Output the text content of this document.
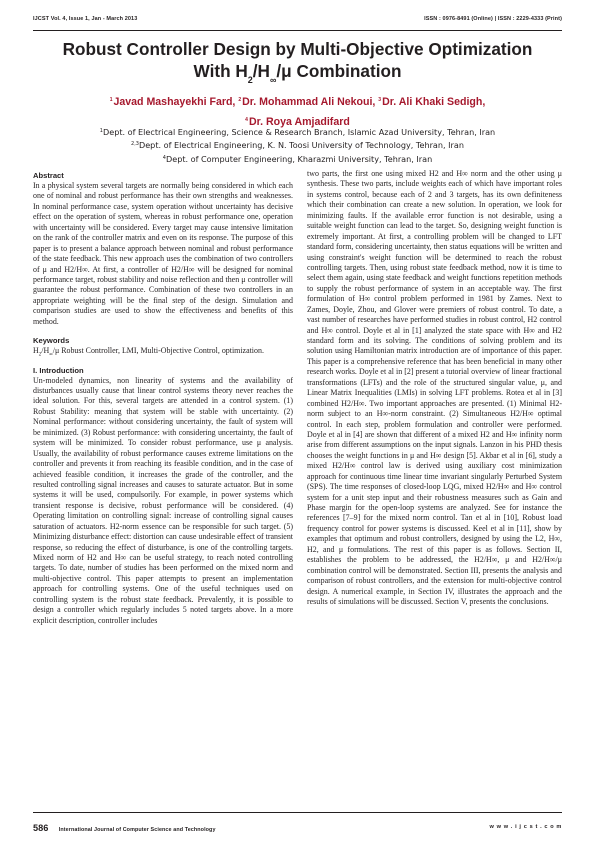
IJCST Vol. 4, Issue 1, Jan - March 2013	ISSN : 0976-8491 (Online) | ISSN : 2229-4333 (Print)
Robust Controller Design by Multi-Objective Optimization
With $H_2/H_\infty/\mu$ Combination
$^1$Javad Mashayekhi Fard, $^2$Dr. Mohammad Ali Nekoui, $^3$Dr. Ali Khaki Sedigh,
$^4$Dr. Roya Amjadifard
$^1$Dept. of Electrical Engineering, Science & Research Branch, Islamic Azad University, Tehran, Iran
$^{2,3}$Dept. of Electrical Engineering, K. N. Toosi University of Technology, Tehran, Iran
$^4$Dept. of Computer Engineering, Kharazmi University, Tehran, Iran

Abstract

In a physical system several targets are normally being considered in which each one of nominal and robust performance has their own strengths and weaknesses. In nominal performance case, system operation without uncertainty has decisive effect on the operation of system, whereas in robust performance one, operation with uncertainty will be considered. Every target may cause intensive limitation on the rank of the controller matrix and even on its response. The purpose of this paper is to present a balance approach between nominal and robust performance of the state feedback. This new approach uses the combination of two controllers of μ and H2/H∞. At first, a controller of H2/H∞ will be designed for nominal performance target, robust stability and noise reflection and then μ controller will guarantee the robust performance. Combination of these two controllers in an appropriate weighting will be the final step of the design. Simulation and comparison studies are used to show the effectiveness and benefits of this method.

Keywords

$H_2/H_\infty/\mu$ Robust Controller, LMI, Multi-Objective Control, optimization.

I. Introduction

Un-modeled dynamics, non linearity of systems and the availability of disturbances usually cause that linear control systems theory never reaches the ideal solution. For this, several targets are attended in a control system. (1) Robust Stability: meaning that system will be stable with uncertainty. (2) Nominal performance: without considering uncertainty, the fault of system will be minimized. (3) Robust performance: with considering uncertainty, the fault of system will be minimized. To consider robust performance, use μ analysis. Usually, the availability of robust performance causes extreme limitations on the controller and prevents it from reaching its feasible condition, and in the case of achieved feasible condition, it increases the grade of the controller, and the resulted controlling signal increases and causes to saturate actuator. But in some systems it will be used, compulsorily. For example, in power systems which transient response is decisive, robust performance will be considered. (4) Operating limitation on controlling signal: increase of controlling signal causes saturation of actuators. H2-norm essence can be responsible for such target. (5) Minimizing disturbance effect: distortion can cause undesirable effect of transient response, so reducing the effect of disturbance, is one of the controlling targets. Mixed norm of H2 and H∞ can be useful strategy, to reach noted controlling targets. To date, number of studies has been performed on the mixed norm and multi-objective control. This paper attempts to present an implementation approach for controlling systems. One of the useful techniques used on controlling system is the robust state feedback. Prevalently, it is possible to design a controller which regularly includes 5 noted targets above. In a more explicit description, controller includes

two parts, the first one using mixed H2 and H∞ norm and the other using μ synthesis. These two parts, include weights each of which have important roles in systems control, because each of 2 and 3 targets, has its own definiteness which their combination can create a new solution. In operation, we look for minimizing faults. If the available error function is not desirable, using a suitable weight function can lead to the target. So, designing weight function is extremely important. At first, a controlling problem will be changed to LFT standard form, considering uncertainty, then status equations will be written and using constraint's weight function will be determined to reach the robust controlling targets. Then, using robust state feedback method, now it is time to select them again, using state feedback and weight functions repetition methods to supply the robust performance of system in an acceptable way. The first formulation of H∞ control problem performed in 1981 by Zames. Next to Zames, Doyle, Zhou, and Glover were premiers of robust control. To date, a vast number of researches have performed studies in robust control, H2 control and H∞ control. Doyle et al in [1] analyzed the state space with H∞ and H2 standard form and its solving. The conditions of solving problem and its solution using Hamiltonian matrix introduction are of importance of this paper. This paper is a comprehensive reference that has been beneficial in many other research works. Doyle et al in [2] present a tutorial overview of linear fractional transformations (LFTs) and the role of the structured singular value, μ, and Linear Matrix Inequalities (LMIs) in solving LFT problems. Rotea et al in [3] combined H2/H∞. Two important approaches are presented. (1) Minimal H2-norm subject to an H∞-norm constraint. (2) Simultaneous H2/H∞ optimal control. In each step, problem formulation and controller were performed. Doyle et al in [4] are shown that different of a mixed H2 and H∞ infinity norm arise from different assumptions on the input signals. Lanzon in his PHD thesis chooses the weight functions in μ and H∞ design [5]. Akbar et al in [6], study a mixed H2/H∞ control law is derived using auxiliary cost minimization approach for continuous time linear time invariant singularly Perturbed System (SPS). The time responses of closed-loop LQG, mixed H2/H∞ and H∞ control system for a unit step input and their robustness measures such as Gain and Phase margin for the open-loop systems are analyzed. See for instance the references [7–9] for the mixed norm control. Tan et al in [10], Robust load frequency control for power systems is discussed. Keel et al in [11], show by examples that optimum and robust controllers, designed by using the L2, H∞, H2, and μ formulations. The rest of this paper is as follows. Section II, establishes the problem to be addressed, the H2/H∞, μ and H2/H∞/μ combination control will be demonstrated. Section III, presents the analysis and comparison of robust controllers, and the extension for multi-objective control design. A numerical example, in Section IV, illustrates the approach and the results of simulations will be discussed. Section V, presents the conclusions.

586 International Journal of Computer Science and Technology	w w w . i j c s t . c o m
